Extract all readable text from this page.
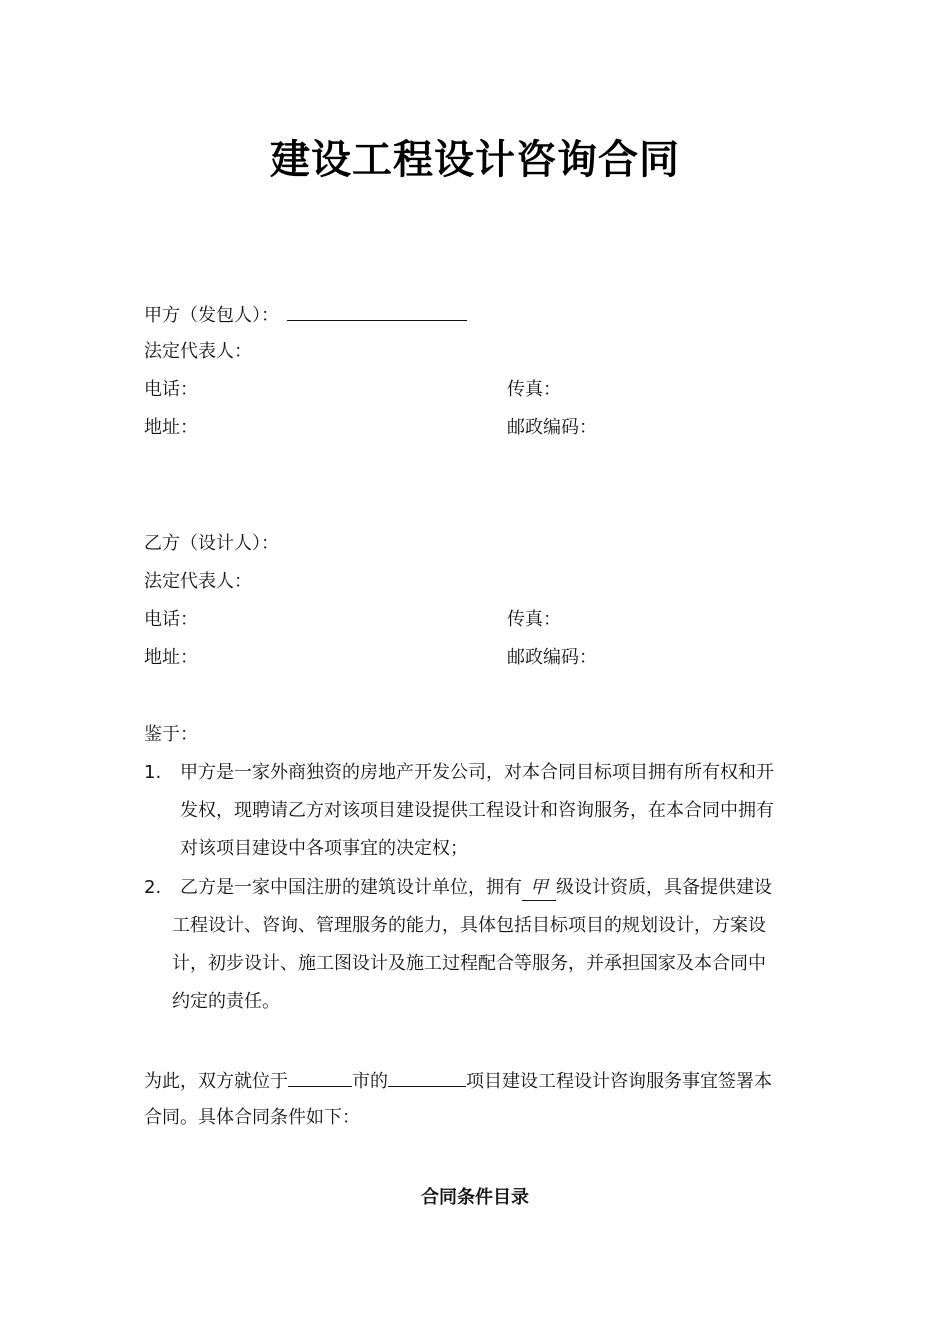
建设工程设计咨询合同
甲方（发包人）：
法定代表人：
电话：	传真：
地址：	邮政编码：
乙方（设计人）：
法定代表人：
电话：	传真：
地址：	邮政编码：
鉴于：
1. 甲方是一家外商独资的房地产开发公司，对本合同目标项目拥有所有权和开
发权，现聘请乙方对该项目建设提供工程设计和咨询服务，在本合同中拥有
对该项目建设中各项事宜的决定权；
2. 乙方是一家中国注册的建筑设计单位，拥有 甲 级设计资质，具备提供建设
工程设计、咨询、管理服务的能力，具体包括目标项目的规划设计，方案设
计，初步设计、施工图设计及施工过程配合等服务，并承担国家及本合同中
约定的责任。
为此，双方就位于	市的	项目建设工程设计咨询服务事宜签署本
合同。具体合同条件如下：
合同条件目录
